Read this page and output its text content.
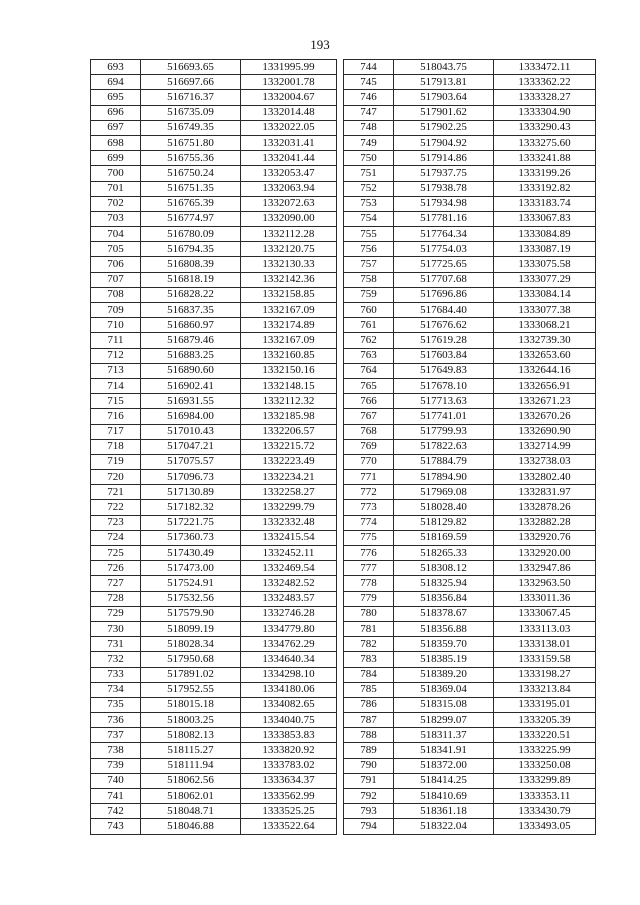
193
693	516693.65	1331995.99
694	516697.66	1332001.78
695	516716.37	1332004.67
696	516735.09	1332014.48
697	516749.35	1332022.05
698	516751.80	1332031.41
699	516755.36	1332041.44
700	516750.24	1332053.47
701	516751.35	1332063.94
702	516765.39	1332072.63
703	516774.97	1332090.00
704	516780.09	1332112.28
705	516794.35	1332120.75
706	516808.39	1332130.33
707	516818.19	1332142.36
708	516828.22	1332158.85
709	516837.35	1332167.09
710	516860.97	1332174.89
711	516879.46	1332167.09
712	516883.25	1332160.85
713	516890.60	1332150.16
714	516902.41	1332148.15
715	516931.55	1332112.32
716	516984.00	1332185.98
717	517010.43	1332206.57
718	517047.21	1332215.72
719	517075.57	1332223.49
720	517096.73	1332234.21
721	517130.89	1332258.27
722	517182.32	1332299.79
723	517221.75	1332332.48
724	517360.73	1332415.54
725	517430.49	1332452.11
726	517473.00	1332469.54
727	517524.91	1332482.52
728	517532.56	1332483.57
729	517579.90	1332746.28
730	518099.19	1334779.80
731	518028.34	1334762.29
732	517950.68	1334640.34
733	517891.02	1334298.10
734	517952.55	1334180.06
735	518015.18	1334082.65
736	518003.25	1334040.75
737	518082.13	1333853.83
738	518115.27	1333820.92
739	518111.94	1333783.02
740	518062.56	1333634.37
741	518062.01	1333562.99
742	518048.71	1333525.25
743	518046.88	1333522.64
744	518043.75	1333472.11
745	517913.81	1333362.22
746	517903.64	1333328.27
747	517901.62	1333304.90
748	517902.25	1333290.43
749	517904.92	1333275.60
750	517914.86	1333241.88
751	517937.75	1333199.26
752	517938.78	1333192.82
753	517934.98	1333183.74
754	517781.16	1333067.83
755	517764.34	1333084.89
756	517754.03	1333087.19
757	517725.65	1333075.58
758	517707.68	1333077.29
759	517696.86	1333084.14
760	517684.40	1333077.38
761	517676.62	1333068.21
762	517619.28	1332739.30
763	517603.84	1332653.60
764	517649.83	1332644.16
765	517678.10	1332656.91
766	517713.63	1332671.23
767	517741.01	1332670.26
768	517799.93	1332690.90
769	517822.63	1332714.99
770	517884.79	1332738.03
771	517894.90	1332802.40
772	517969.08	1332831.97
773	518028.40	1332878.26
774	518129.82	1332882.28
775	518169.59	1332920.76
776	518265.33	1332920.00
777	518308.12	1332947.86
778	518325.94	1332963.50
779	518356.84	1333011.36
780	518378.67	1333067.45
781	518356.88	1333113.03
782	518359.70	1333138.01
783	518385.19	1333159.58
784	518389.20	1333198.27
785	518369.04	1333213.84
786	518315.08	1333195.01
787	518299.07	1333205.39
788	518311.37	1333220.51
789	518341.91	1333225.99
790	518372.00	1333250.08
791	518414.25	1333299.89
792	518410.69	1333353.11
793	518361.18	1333430.79
794	518322.04	1333493.05
